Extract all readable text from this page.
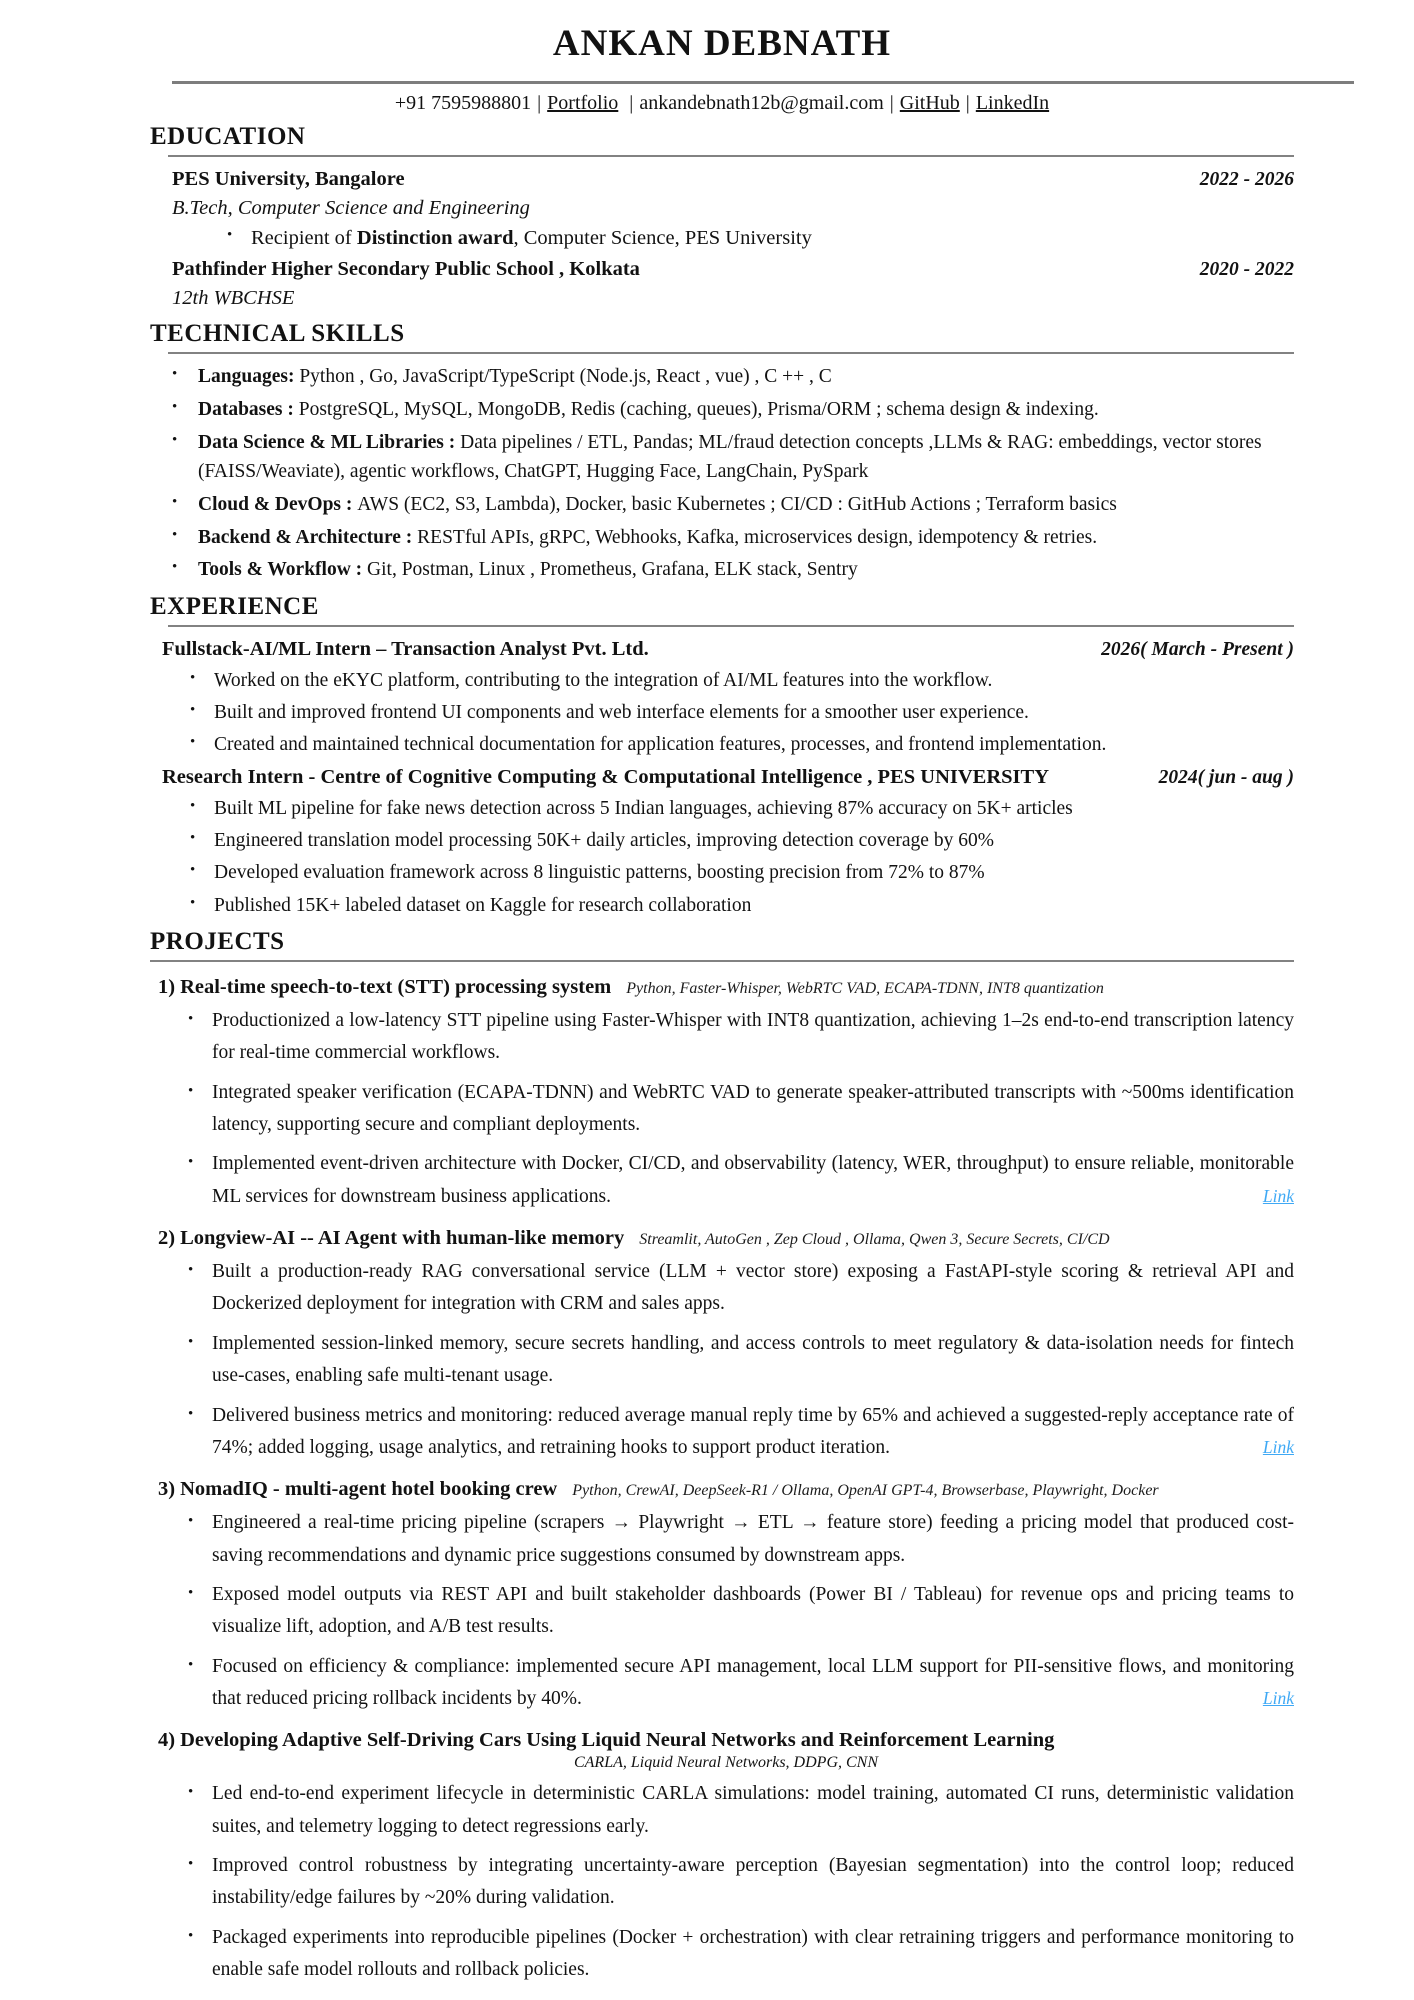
ANKAN DEBNATH
+91 7595988801 | Portfolio | ankandebnath12b@gmail.com | GitHub | LinkedIn
EDUCATION
PES University, Bangalore	2022 - 2026
B.Tech, Computer Science and Engineering
• Recipient of Distinction award, Computer Science, PES University
Pathfinder Higher Secondary Public School , Kolkata	2020 - 2022
12th WBCHSE
TECHNICAL SKILLS
• Languages: Python , Go, JavaScript/TypeScript (Node.js, React , vue) , C ++ , C
• Databases : PostgreSQL, MySQL, MongoDB, Redis (caching, queues), Prisma/ORM ; schema design & indexing.
• Data Science & ML Libraries : Data pipelines / ETL, Pandas; ML/fraud detection concepts ,LLMs & RAG: embeddings, vector stores (FAISS/Weaviate), agentic workflows, ChatGPT, Hugging Face, LangChain, PySpark
• Cloud & DevOps : AWS (EC2, S3, Lambda), Docker, basic Kubernetes ; CI/CD : GitHub Actions ; Terraform basics
• Backend & Architecture : RESTful APIs, gRPC, Webhooks, Kafka, microservices design, idempotency & retries.
• Tools & Workflow : Git, Postman, Linux , Prometheus, Grafana, ELK stack, Sentry
EXPERIENCE
Fullstack-AI/ML Intern – Transaction Analyst Pvt. Ltd.	2026( March - Present )
• Worked on the eKYC platform, contributing to the integration of AI/ML features into the workflow.
• Built and improved frontend UI components and web interface elements for a smoother user experience.
• Created and maintained technical documentation for application features, processes, and frontend implementation.
Research Intern - Centre of Cognitive Computing & Computational Intelligence , PES UNIVERSITY	2024( jun - aug )
• Built ML pipeline for fake news detection across 5 Indian languages, achieving 87% accuracy on 5K+ articles
• Engineered translation model processing 50K+ daily articles, improving detection coverage by 60%
• Developed evaluation framework across 8 linguistic patterns, boosting precision from 72% to 87%
• Published 15K+ labeled dataset on Kaggle for research collaboration
PROJECTS
1) Real-time speech-to-text (STT) processing system Python, Faster-Whisper, WebRTC VAD, ECAPA-TDNN, INT8 quantization
• Productionized a low-latency STT pipeline using Faster-Whisper with INT8 quantization, achieving 1–2s end-to-end transcription latency for real-time commercial workflows.
• Integrated speaker verification (ECAPA-TDNN) and WebRTC VAD to generate speaker-attributed transcripts with ~500ms identification latency, supporting secure and compliant deployments.
• Implemented event-driven architecture with Docker, CI/CD, and observability (latency, WER, throughput) to ensure reliable, monitorable ML services for downstream business applications.	Link
2) Longview-AI -- AI Agent with human-like memory Streamlit, AutoGen , Zep Cloud , Ollama, Qwen 3, Secure Secrets, CI/CD
• Built a production-ready RAG conversational service (LLM + vector store) exposing a FastAPI-style scoring & retrieval API and Dockerized deployment for integration with CRM and sales apps.
• Implemented session-linked memory, secure secrets handling, and access controls to meet regulatory & data-isolation needs for fintech use-cases, enabling safe multi-tenant usage.
• Delivered business metrics and monitoring: reduced average manual reply time by 65% and achieved a suggested-reply acceptance rate of 74%; added logging, usage analytics, and retraining hooks to support product iteration.	Link
3) NomadIQ - multi-agent hotel booking crew Python, CrewAI, DeepSeek-R1 / Ollama, OpenAI GPT-4, Browserbase, Playwright, Docker
• Engineered a real-time pricing pipeline (scrapers → Playwright → ETL → feature store) feeding a pricing model that produced cost-saving recommendations and dynamic price suggestions consumed by downstream apps.
• Exposed model outputs via REST API and built stakeholder dashboards (Power BI / Tableau) for revenue ops and pricing teams to visualize lift, adoption, and A/B test results.
• Focused on efficiency & compliance: implemented secure API management, local LLM support for PII-sensitive flows, and monitoring that reduced pricing rollback incidents by 40%.	Link
4) Developing Adaptive Self-Driving Cars Using Liquid Neural Networks and Reinforcement Learning
CARLA, Liquid Neural Networks, DDPG, CNN
• Led end-to-end experiment lifecycle in deterministic CARLA simulations: model training, automated CI runs, deterministic validation suites, and telemetry logging to detect regressions early.
• Improved control robustness by integrating uncertainty-aware perception (Bayesian segmentation) into the control loop; reduced instability/edge failures by ~20% during validation.
• Packaged experiments into reproducible pipelines (Docker + orchestration) with clear retraining triggers and performance monitoring to enable safe model rollouts and rollback policies.
